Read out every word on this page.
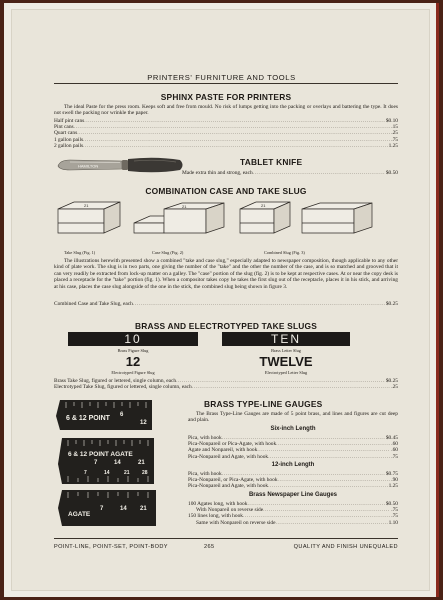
PRINTERS' FURNITURE AND TOOLS
SPHINX PASTE FOR PRINTERS
The ideal Paste for the press room. Keeps soft and free from mould. No risk of lumps getting into the packing or overlays and battering the type. It does not swell the packing nor wrinkle the paper.
Half pint cans .....	$0.10
Pint cans .....	.15
Quart cans .....	.25
1 gallon pails .....	.75
2 gallon pails .....	1.25
HAMILTON	TABLET KNIFE
Made extra thin and strong, each .....	$0.50
COMBINATION CASE AND TAKE SLUG
21	21	21
Take Slug (Fig. 1)	Case Slug (Fig. 2)	Combined Slug (Fig. 3)
The illustrations herewith presented show a combined "take and case slug," especially adapted to newspaper composition, though applicable to any other kind of plate work. The slug is in two parts, one giving the number of the "take" and the other the number of the case, and is so matched and grooved that it can very readily be extracted from lock-up matter on a galley. The "case" portion of the slug (fig. 2) is to be kept at respective cases. At or near the copy desk is placed a receptacle for the "take" portion (fig. 1). When a compositor takes copy he takes the first slug out of the receptacle, places it in his stick, and arriving at his case, places the case slug alongside of the one in the stick, the combined slug being shown in figure 3.
Combined Case and Take Slug, each .....	$0.25
BRASS AND ELECTROTYPED TAKE SLUGS
10
Brass Figure Slug
TEN
Brass Letter Slug
12
Electrotyped Figure Slug
TWELVE
Electrotyped Letter Slug
Brass Take Slug, figured or lettered, single column, each .....	$0.25
Electrotyped Take Slug, figured or lettered, single column, each .....	.25
6 & 12 POINT 6
12
6 & 12 POINT AGATE
7	14	21
7	14	21 28
AGATE
7	14 21
BRASS TYPE-LINE GAUGES
The Brass Type-Line Gauges are made of 5 point brass, and lines and figures are cut deep and plain.
Six-inch Length
Pica, with hook .....	$0.45
Pica-Nonpareil or Pica-Agate, with hook .....	.60
Agate and Nonpareil, with hook .....	.60
Pica-Nonpareil and Agate, with hook .....	.75
12-inch Length
Pica, with hook .....	$0.75
Pica-Nonpareil, or Pica-Agate, with hook .....	.90
Pica-Nonpareil and Agate, with hook .....	1.25
Brass Newspaper Line Gauges
100 Agates long, with hook .....	$0.50
With Nonpareil on reverse side .....	.75
150 lines long, with hook .....	.75
Same with Nonpareil on reverse side .....	1.10
POINT-LINE, POINT-SET, POINT-BODY	265	QUALITY AND FINISH UNEQUALED
